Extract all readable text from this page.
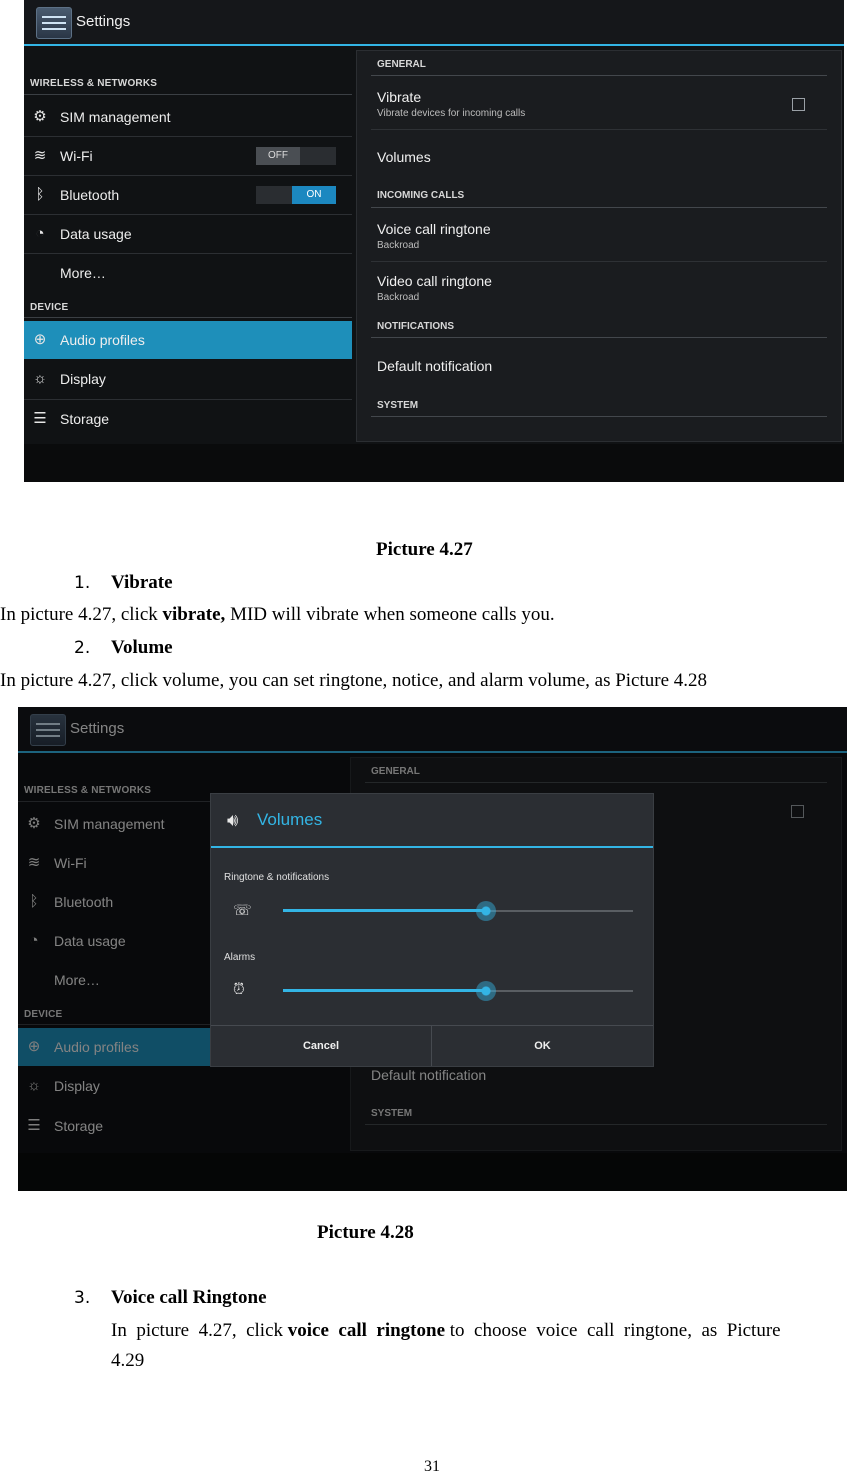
Settings
WIRELESS & NETWORKS
⚙ SIM management
≋ Wi-Fi	OFF
ᛒ Bluetooth	ON
◔ Data usage
More…
DEVICE
⊕ Audio profiles
☼ Display
☰ Storage
GENERAL
Vibrate
Vibrate devices for incoming calls
Volumes
INCOMING CALLS
Voice call ringtone
Backroad
Video call ringtone
Backroad
NOTIFICATIONS
Default notification
SYSTEM
Picture 4.27
1. Vibrate
In picture 4.27, click vibrate, MID will vibrate when someone calls you.
2. Volume
In picture 4.27, click volume, you can set ringtone, notice, and alarm volume, as Picture 4.28
Settings
WIRELESS & NETWORKS
⚙ SIM management
≋ Wi-Fi
ᛒ Bluetooth
◔ Data usage
More…
DEVICE
⊕ Audio profiles
☼ Display
☰ Storage
GENERAL
Default notification
SYSTEM
🔊︎ Volumes
Ringtone & notifications
☏
Alarms
⏰︎
Cancel	OK
Picture 4.28
3. Voice call Ringtone
In  picture  4.27,  click voice  call  ringtone to  choose  voice  call  ringtone,  as  Picture
4.29
31
